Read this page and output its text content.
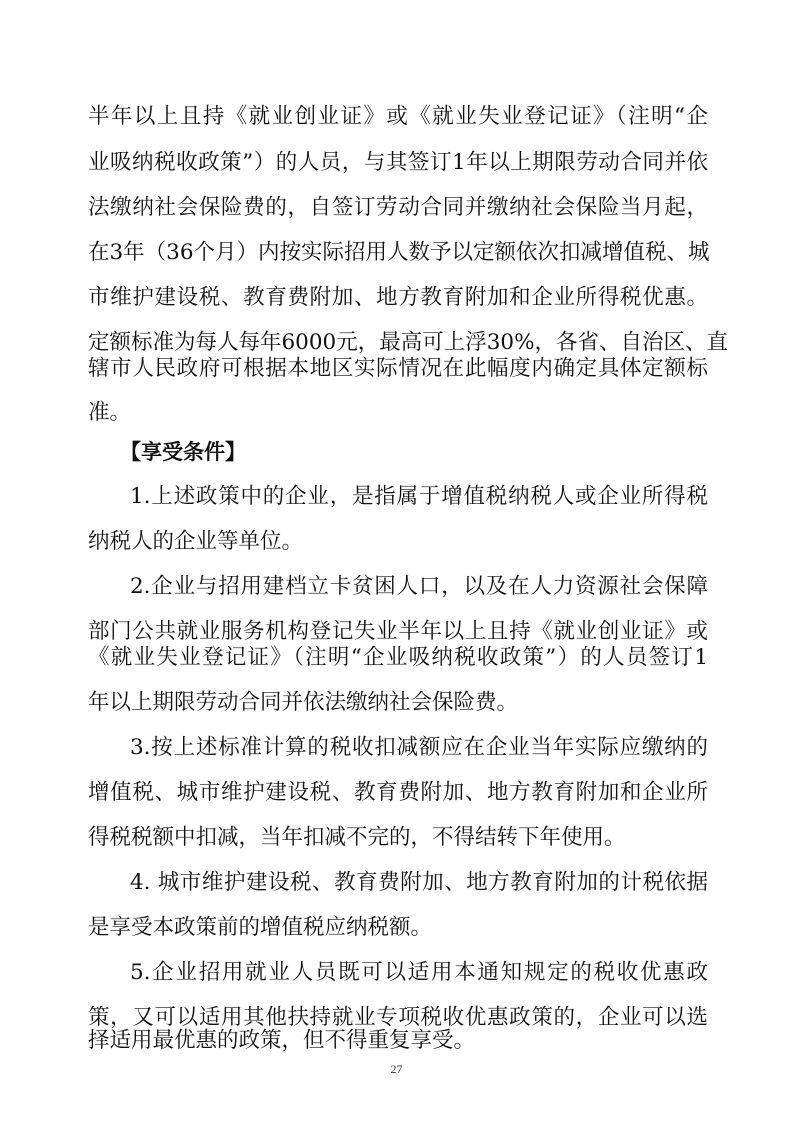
半年以上且持《就业创业证》或《就业失业登记证》（注明“企
业吸纳税收政策”）的人员，与其签订1年以上期限劳动合同并依
法缴纳社会保险费的，自签订劳动合同并缴纳社会保险当月起，
在3年（36个月）内按实际招用人数予以定额依次扣减增值税、城
市维护建设税、教育费附加、地方教育附加和企业所得税优惠。
定额标准为每人每年6000元，最高可上浮30%，各省、自治区、直
辖市人民政府可根据本地区实际情况在此幅度内确定具体定额标
准。
【享受条件】
1.上述政策中的企业，是指属于增值税纳税人或企业所得税
纳税人的企业等单位。
2.企业与招用建档立卡贫困人口，以及在人力资源社会保障
部门公共就业服务机构登记失业半年以上且持《就业创业证》或
《就业失业登记证》（注明“企业吸纳税收政策”）的人员签订1
年以上期限劳动合同并依法缴纳社会保险费。
3.按上述标准计算的税收扣减额应在企业当年实际应缴纳的
增值税、城市维护建设税、教育费附加、地方教育附加和企业所
得税税额中扣减，当年扣减不完的，不得结转下年使用。
4. 城市维护建设税、教育费附加、地方教育附加的计税依据
是享受本政策前的增值税应纳税额。
5.企业招用就业人员既可以适用本通知规定的税收优惠政
策，又可以适用其他扶持就业专项税收优惠政策的，企业可以选
择适用最优惠的政策，但不得重复享受。
27
